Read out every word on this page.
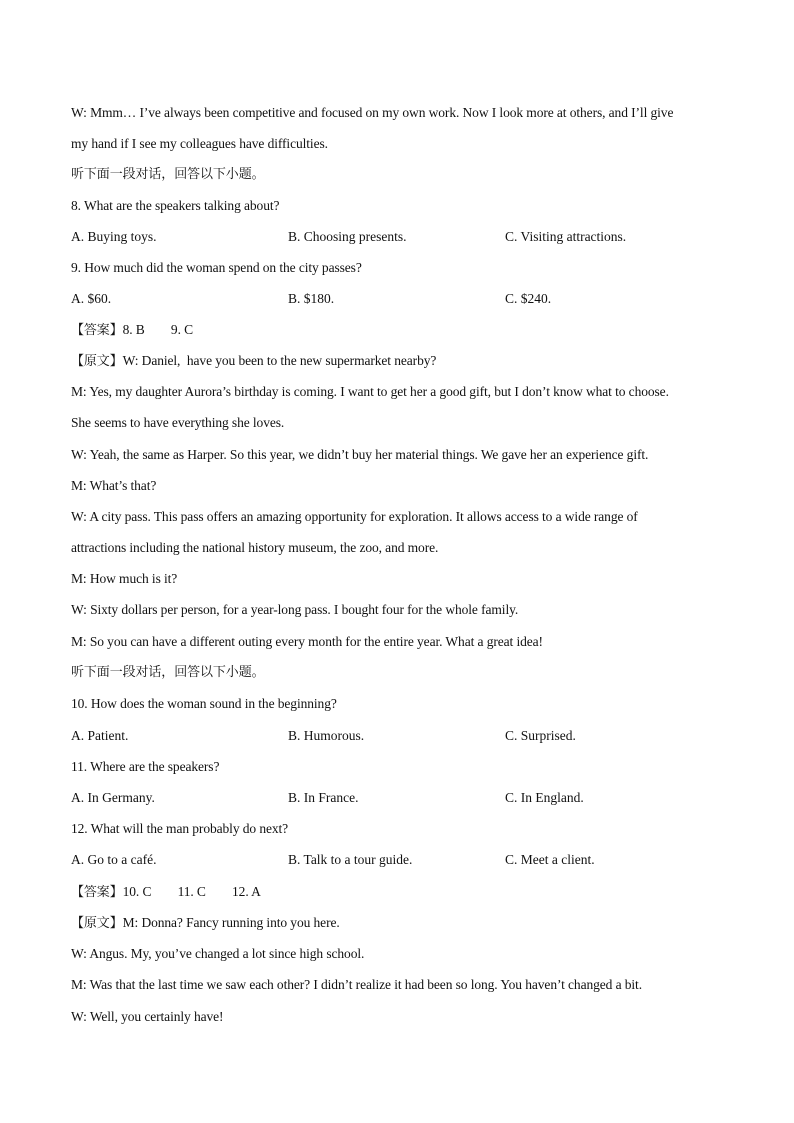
W: Mmm… I’ve always been competitive and focused on my own work. Now I look more at others, and I’ll give
my hand if I see my colleagues have difficulties.
听下面一段对话，回答以下小题。
8. What are the speakers talking about?
A. Buying toys.	B. Choosing presents.	C. Visiting attractions.
9. How much did the woman spend on the city passes?
A. $60.	B. $180.	C. $240.
【答案】8. B        9. C
【原文】W: Daniel,  have you been to the new supermarket nearby?
M: Yes, my daughter Aurora’s birthday is coming. I want to get her a good gift, but I don’t know what to choose.
She seems to have everything she loves.
W: Yeah, the same as Harper. So this year, we didn’t buy her material things. We gave her an experience gift.
M: What’s that?
W: A city pass. This pass offers an amazing opportunity for exploration. It allows access to a wide range of
attractions including the national history museum, the zoo, and more.
M: How much is it?
W: Sixty dollars per person, for a year-long pass. I bought four for the whole family.
M: So you can have a different outing every month for the entire year. What a great idea!
听下面一段对话，回答以下小题。
10. How does the woman sound in the beginning?
A. Patient.	B. Humorous.	C. Surprised.
11. Where are the speakers?
A. In Germany.	B. In France.	C. In England.
12. What will the man probably do next?
A. Go to a café.	B. Talk to a tour guide.	C. Meet a client.
【答案】10. C        11. C        12. A
【原文】M: Donna? Fancy running into you here.
W: Angus. My, you’ve changed a lot since high school.
M: Was that the last time we saw each other? I didn’t realize it had been so long. You haven’t changed a bit.
W: Well, you certainly have!
